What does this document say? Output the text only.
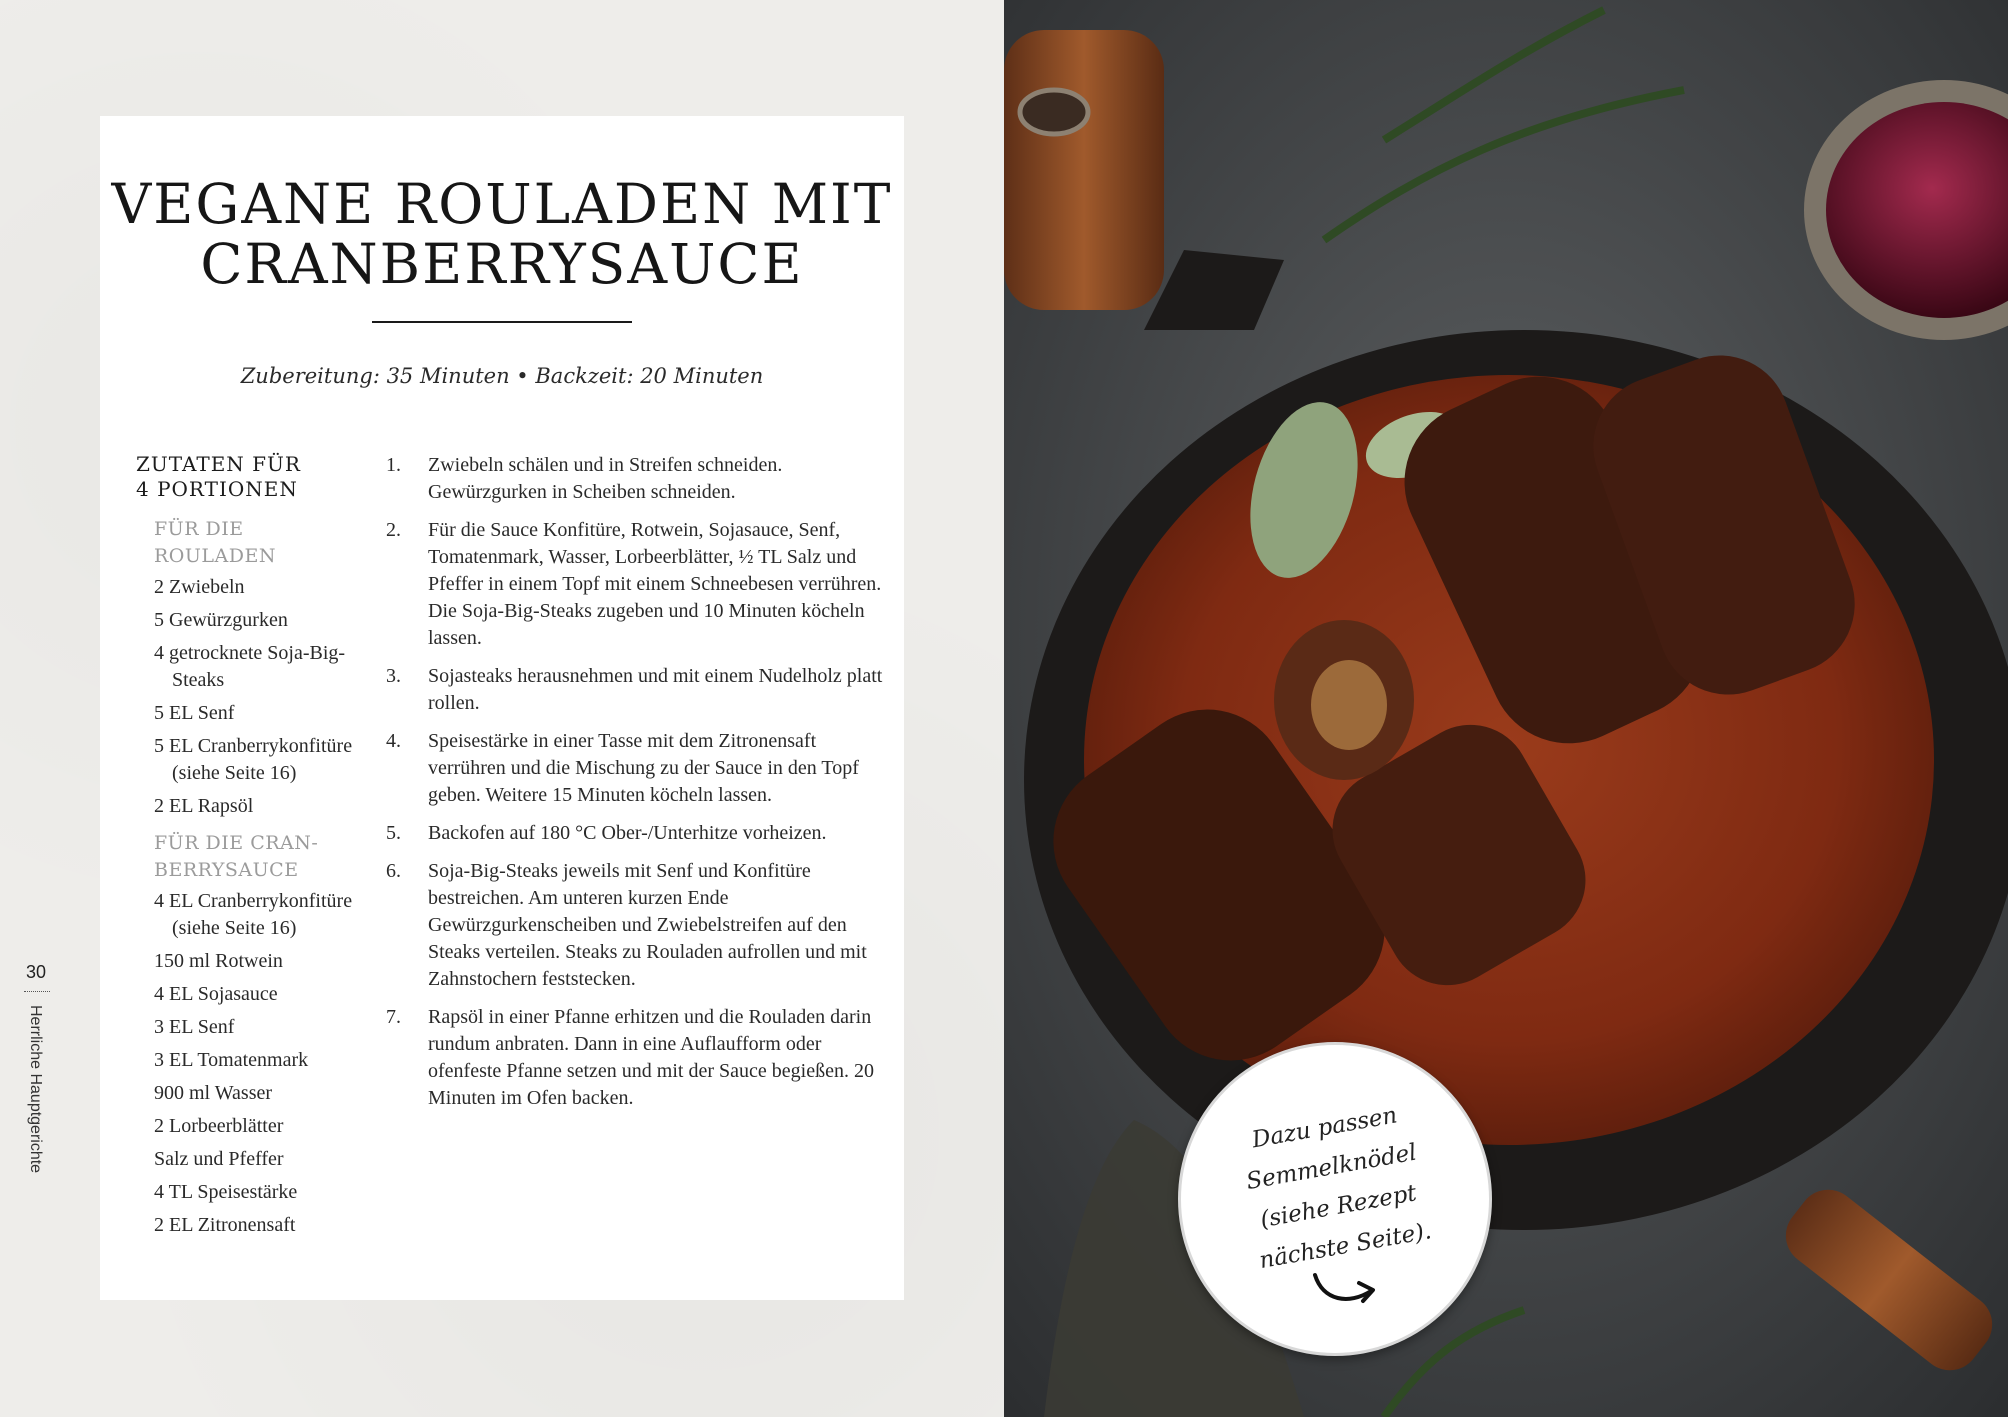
VEGANE ROULADEN MIT
CRANBERRYSAUCE
Zubereitung: 35 Minuten • Backzeit: 20 Minuten
ZUTATEN FÜR
4 PORTIONEN
FÜR DIE
ROULADEN
2 Zwiebeln
5 Gewürzgurken
4 getrocknete Soja-Big-Steaks
5 EL Senf
5 EL Cranberrykonfitüre (siehe Seite 16)
2 EL Rapsöl
FÜR DIE CRAN-
BERRYSAUCE
4 EL Cranberrykonfitüre (siehe Seite 16)
150 ml Rotwein
4 EL Sojasauce
3 EL Senf
3 EL Tomatenmark
900 ml Wasser
2 Lorbeerblätter
Salz und Pfeffer
4 TL Speisestärke
2 EL Zitronensaft
1.	Zwiebeln schälen und in Streifen schneiden. Gewürzgurken in Scheiben schneiden.
2.	Für die Sauce Konfitüre, Rotwein, Sojasauce, Senf, Tomatenmark, Wasser, Lorbeerblätter, ½ TL Salz und Pfeffer in einem Topf mit einem Schneebesen verrühren. Die Soja-Big-Steaks zugeben und 10 Minuten köcheln lassen.
3.	Sojasteaks herausnehmen und mit einem Nudelholz platt rollen.
4.	Speisestärke in einer Tasse mit dem Zitronensaft verrühren und die Mischung zu der Sauce in den Topf geben. Weitere 15 Minuten köcheln lassen.
5.	Backofen auf 180 °C Ober-/Unterhitze vorheizen.
6.	Soja-Big-Steaks jeweils mit Senf und Konfitüre bestreichen. Am unteren kurzen Ende Gewürzgurkenscheiben und Zwiebelstreifen auf den Steaks verteilen. Steaks zu Rouladen aufrollen und mit Zahnstochern feststecken.
7.	Rapsöl in einer Pfanne erhitzen und die Rouladen darin rundum anbraten. Dann in eine Auflaufform oder ofenfeste Pfanne setzen und mit der Sauce begießen. 20 Minuten im Ofen backen.
30
Herrliche Hauptgerichte	Dazu passen
Semmelknödel
(siehe Rezept
nächste Seite).
